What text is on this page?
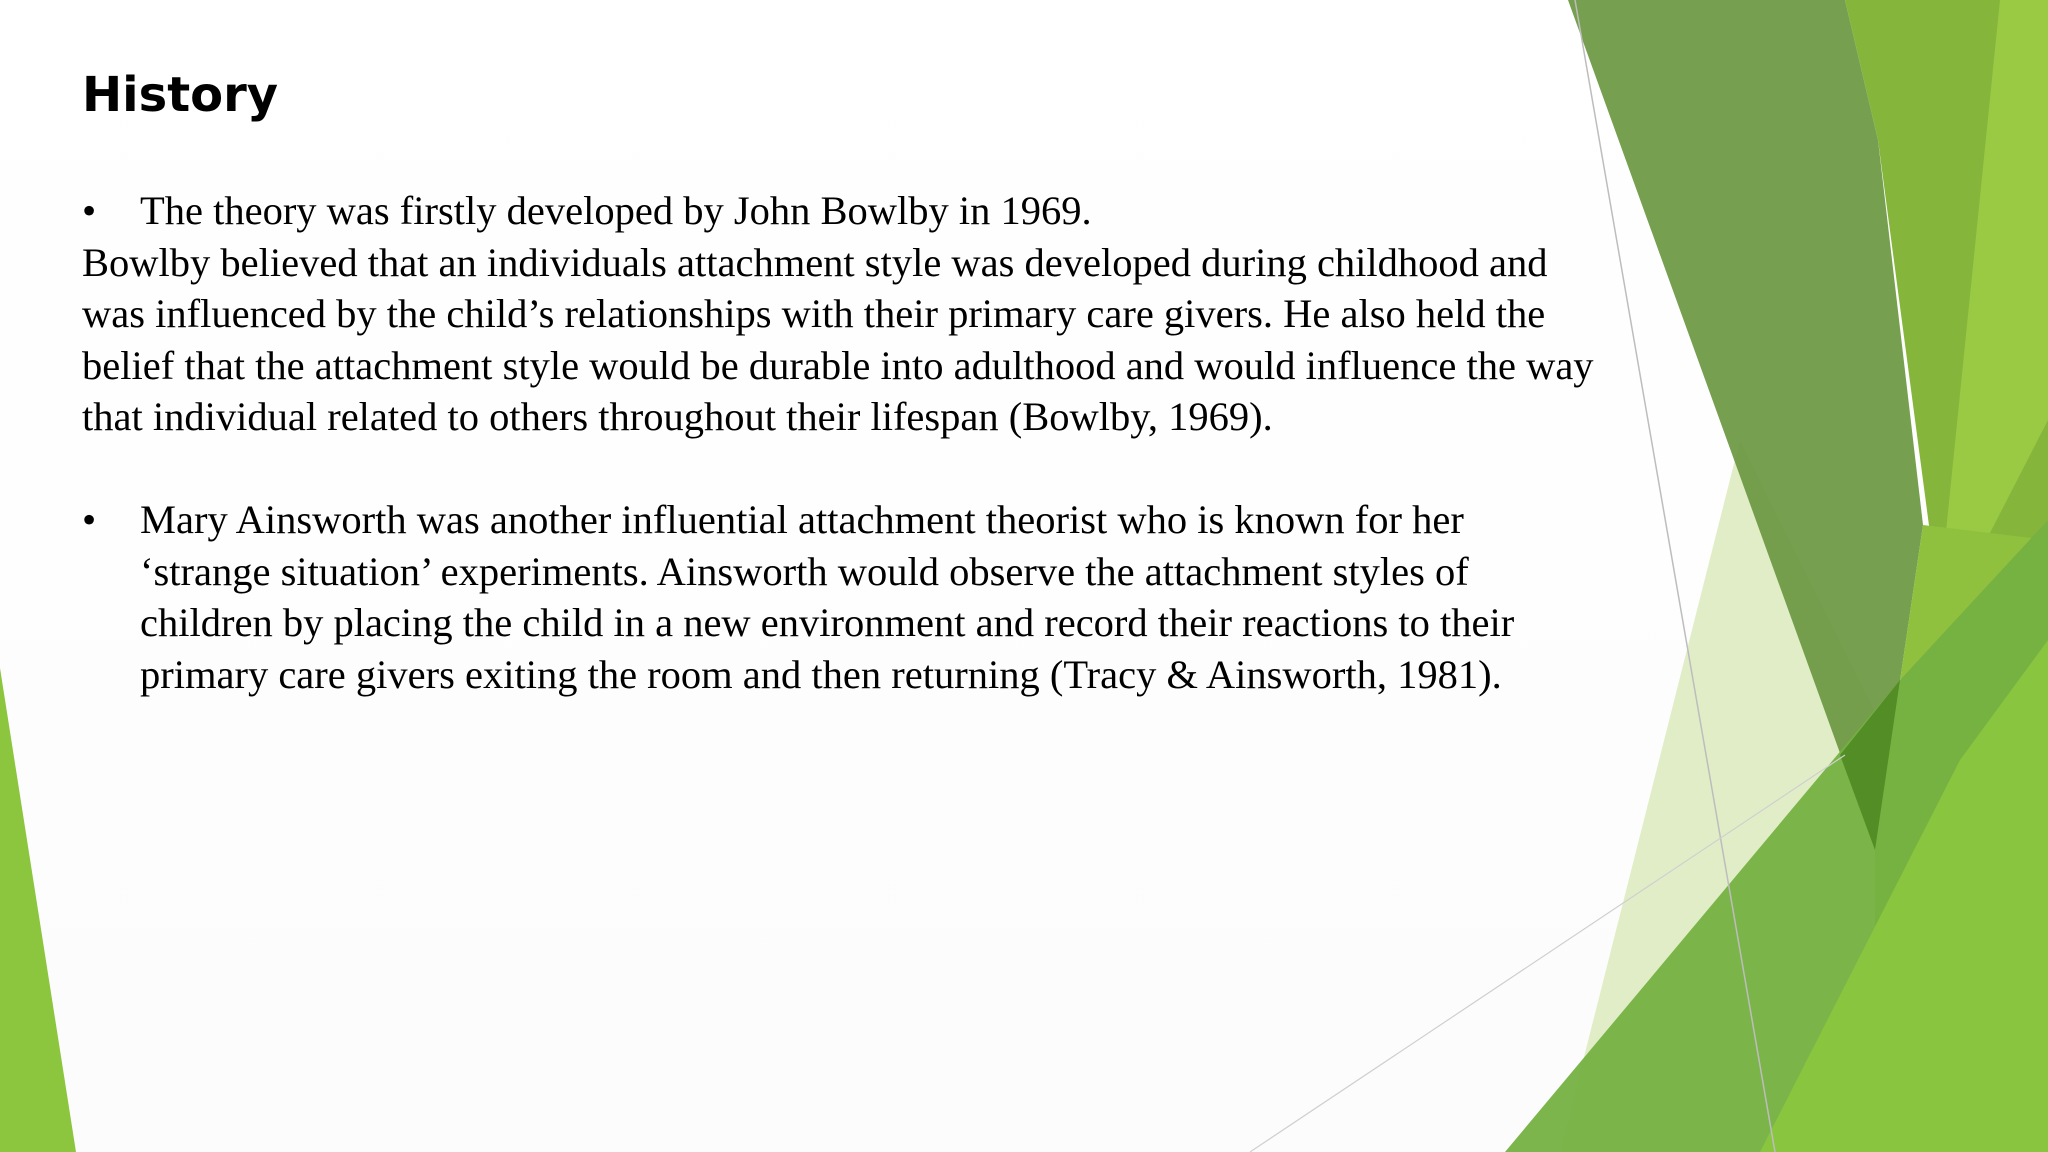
History
• The theory was firstly developed by John Bowlby in 1969.

Bowlby believed that an individuals attachment style was developed during childhood and was influenced by the child’s relationships with their primary care givers. He also held the belief that the attachment style would be durable into adulthood and would influence the way that individual related to others throughout their lifespan (Bowlby, 1969).

• Mary Ainsworth was another influential attachment theorist who is known for her ‘strange situation’ experiments. Ainsworth would observe the attachment styles of children by placing the child in a new environment and record their reactions to their primary care givers exiting the room and then returning (Tracy & Ainsworth, 1981).
